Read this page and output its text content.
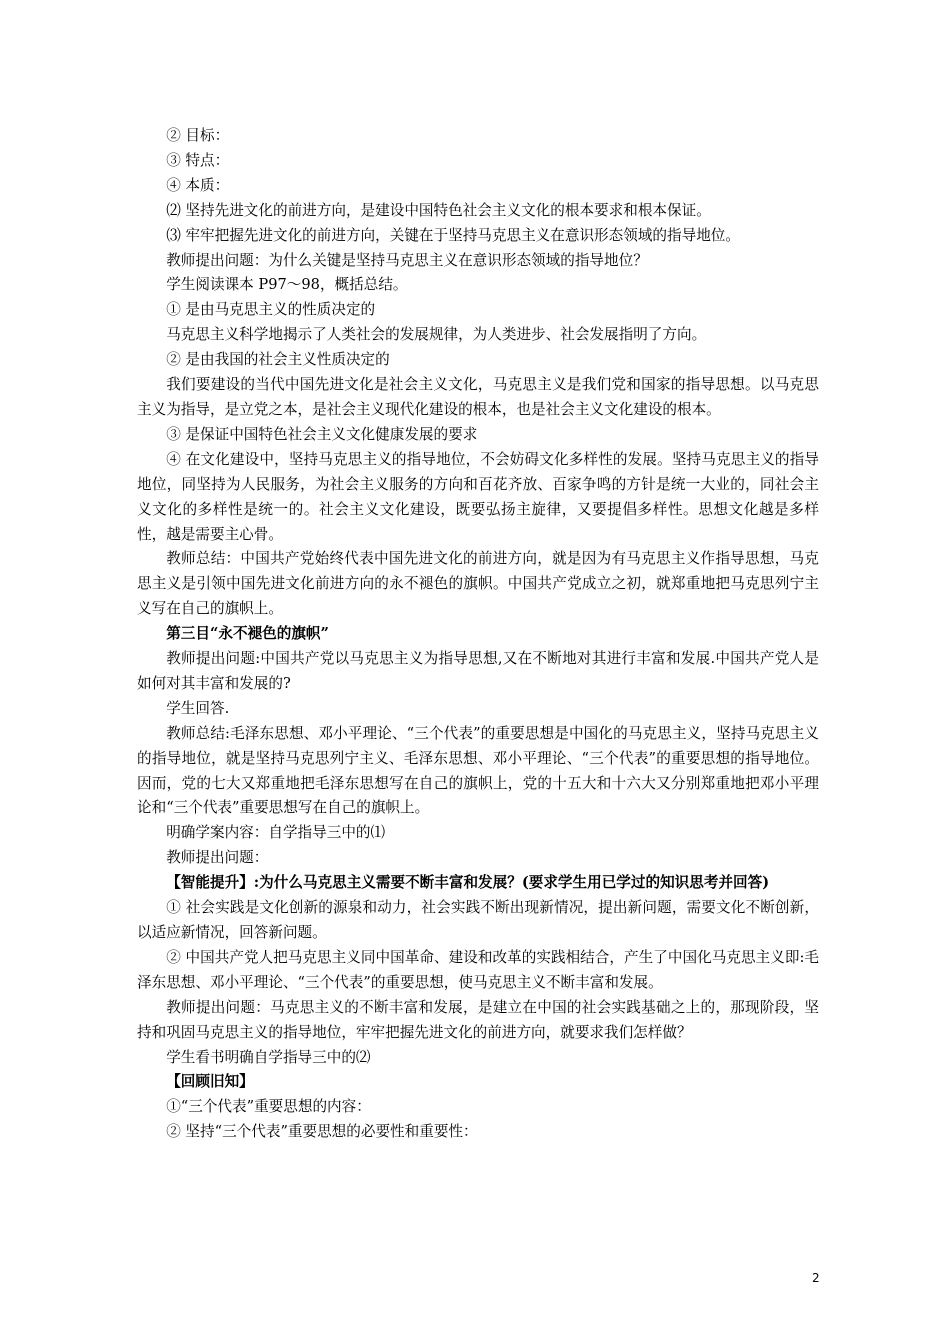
② 目标：

③ 特点：

④ 本质：

⑵ 坚持先进文化的前进方向，是建设中国特色社会主义文化的根本要求和根本保证。

⑶ 牢牢把握先进文化的前进方向，关键在于坚持马克思主义在意识形态领域的指导地位。

教师提出问题：为什么关键是坚持马克思主义在意识形态领域的指导地位？

学生阅读课本 P97～98，概括总结。

① 是由马克思主义的性质决定的

马克思主义科学地揭示了人类社会的发展规律，为人类进步、社会发展指明了方向。

② 是由我国的社会主义性质决定的

我们要建设的当代中国先进文化是社会主义文化，马克思主义是我们党和国家的指导思想。以马克思主义为指导，是立党之本，是社会主义现代化建设的根本，也是社会主义文化建设的根本。

③ 是保证中国特色社会主义文化健康发展的要求

④ 在文化建设中，坚持马克思主义的指导地位，不会妨碍文化多样性的发展。坚持马克思主义的指导地位，同坚持为人民服务，为社会主义服务的方向和百花齐放、百家争鸣的方针是统一大业的，同社会主义文化的多样性是统一的。社会主义文化建设，既要弘扬主旋律，又要提倡多样性。思想文化越是多样性，越是需要主心骨。

教师总结：中国共产党始终代表中国先进文化的前进方向，就是因为有马克思主义作指导思想，马克思主义是引领中国先进文化前进方向的永不褪色的旗帜。中国共产党成立之初，就郑重地把马克思列宁主义写在自己的旗帜上。

第三目“永不褪色的旗帜”

教师提出问题:中国共产党以马克思主义为指导思想,又在不断地对其进行丰富和发展.中国共产党人是如何对其丰富和发展的?

学生回答.

教师总结:毛泽东思想、邓小平理论、“三个代表”的重要思想是中国化的马克思主义，坚持马克思主义的指导地位，就是坚持马克思列宁主义、毛泽东思想、邓小平理论、“三个代表”的重要思想的指导地位。因而，党的七大又郑重地把毛泽东思想写在自己的旗帜上，党的十五大和十六大又分别郑重地把邓小平理论和“三个代表”重要思想写在自己的旗帜上。

明确学案内容：自学指导三中的⑴

教师提出问题：

【智能提升】:为什么马克思主义需要不断丰富和发展？(要求学生用已学过的知识思考并回答)

① 社会实践是文化创新的源泉和动力，社会实践不断出现新情况，提出新问题，需要文化不断创新，以适应新情况，回答新问题。

② 中国共产党人把马克思主义同中国革命、建设和改革的实践相结合，产生了中国化马克思主义即:毛泽东思想、邓小平理论、“三个代表”的重要思想，使马克思主义不断丰富和发展。

教师提出问题：马克思主义的不断丰富和发展，是建立在中国的社会实践基础之上的，那现阶段，坚持和巩固马克思主义的指导地位，牢牢把握先进文化的前进方向，就要求我们怎样做？

学生看书明确自学指导三中的⑵

【回顾旧知】

①“三个代表”重要思想的内容：

② 坚持“三个代表”重要思想的必要性和重要性：

2
